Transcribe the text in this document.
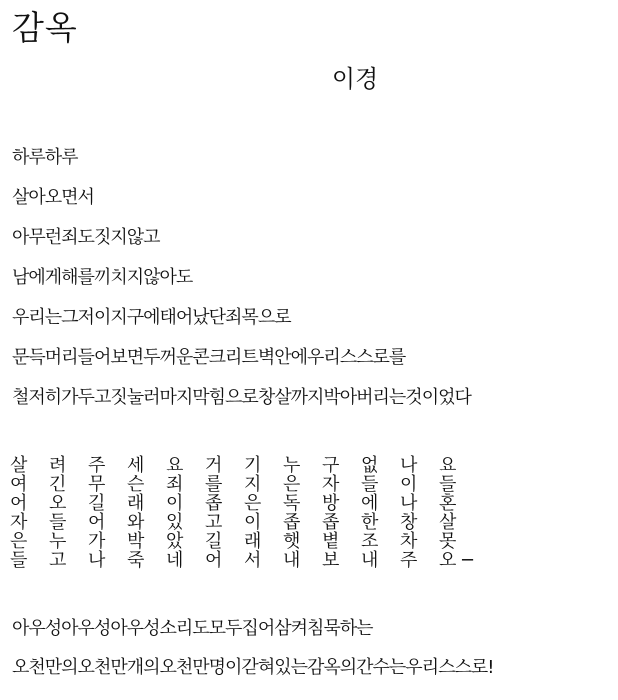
감옥
이경
하루하루
살아오면서
아무런죄도짓지않고
남에게해를끼치지않아도
우리는그저이지구에태어났단죄목으로
문득머리들어보면두꺼운콘크리트벽안에우리스스로를
철저히가두고짓눌러마지막힘으로창살까지박아버리는것이었다
살	려	주	세	요	거	기	누	구	없	나	요
여	긴	무	슨	죄	를	지	은	자	들	이	들
어	오	길	래	이	좁	은	독	방	에	나	혼
자	들	어	와	있	고	이	좁	좁	한	창	살
은	누	가	박	았	길	래	햇	볕	조	차	못
들	고	나	죽	네	어	서	내	보	내	주	오 ─
아우성아우성아우성소리도모두집어삼켜침묵하는
오천만의오천만개의오천만명이갇혀있는감옥의간수는우리스스로!
